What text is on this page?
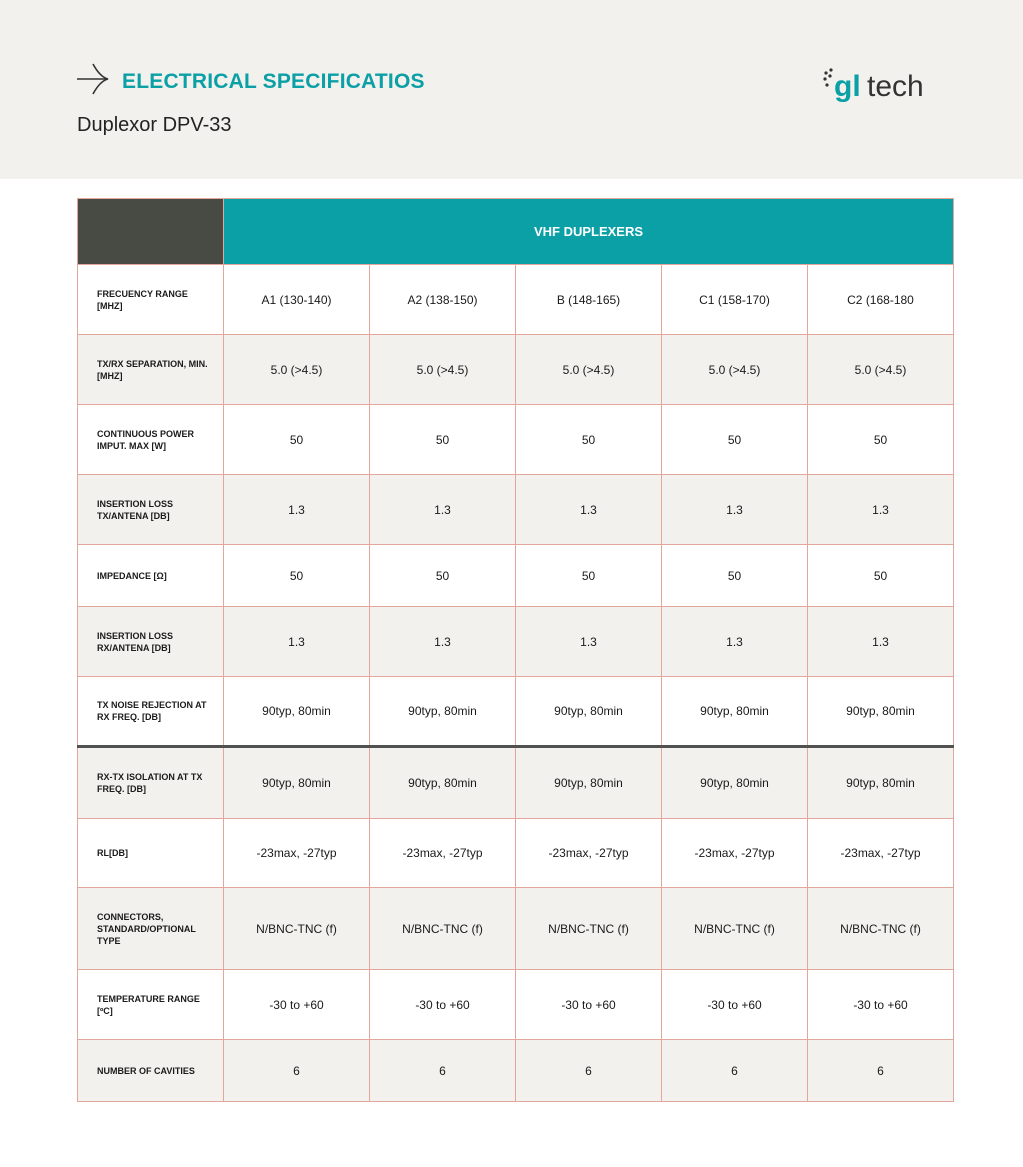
ELECTRICAL SPECIFICATIOS
Duplexor DPV-33
gl tech
	VHF DUPLEXERS				
FRECUENCY RANGE [MHZ]	A1 (130-140)	A2 (138-150)	B (148-165)	C1 (158-170)	C2 (168-180
TX/RX SEPARATION, MIN. [MHZ]	5.0 (>4.5)	5.0 (>4.5)	5.0 (>4.5)	5.0 (>4.5)	5.0 (>4.5)
CONTINUOUS POWER IMPUT. MAX [W]	50	50	50	50	50
INSERTION LOSS TX/ANTENA [DB]	1.3	1.3	1.3	1.3	1.3
IMPEDANCE [Ω]	50	50	50	50	50
INSERTION LOSS RX/ANTENA [DB]	1.3	1.3	1.3	1.3	1.3
TX NOISE REJECTION AT RX FREQ. [DB]	90typ, 80min	90typ, 80min	90typ, 80min	90typ, 80min	90typ, 80min
RX-TX ISOLATION AT TX FREQ. [DB]	90typ, 80min	90typ, 80min	90typ, 80min	90typ, 80min	90typ, 80min
RL[DB]	-23max, -27typ	-23max, -27typ	-23max, -27typ	-23max, -27typ	-23max, -27typ
CONNECTORS, STANDARD/OPTIONAL TYPE	N/BNC-TNC (f)	N/BNC-TNC (f)	N/BNC-TNC (f)	N/BNC-TNC (f)	N/BNC-TNC (f)
TEMPERATURE RANGE [ºC]	-30 to +60	-30 to +60	-30 to +60	-30 to +60	-30 to +60
NUMBER OF CAVITIES	6	6	6	6	6
